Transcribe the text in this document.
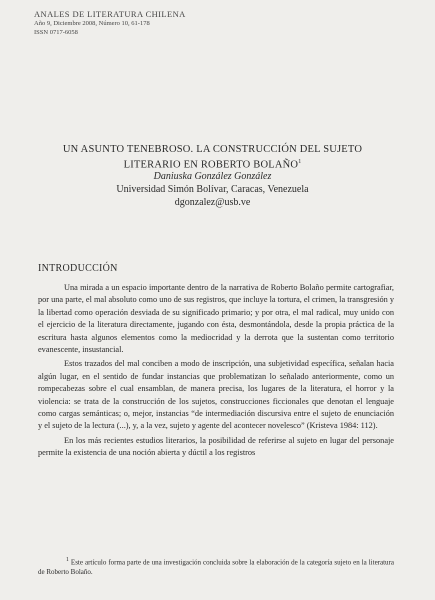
ANALES DE LITERATURA CHILENA
Año 9, Diciembre 2008, Número 10, 61-178
ISSN 0717-6058
UN ASUNTO TENEBROSO. LA CONSTRUCCIÓN DEL SUJETO LITERARIO EN ROBERTO BOLAÑO$^1$
Daniuska González González
Universidad Simón Bolívar, Caracas, Venezuela
dgonzalez@usb.ve
INTRODUCCIÓN

Una mirada a un espacio importante dentro de la narrativa de Roberto Bolaño permite cartografiar, por una parte, el mal absoluto como uno de sus registros, que incluye la tortura, el crimen, la transgresión y la libertad como operación desviada de su significado primario; y por otra, el mal radical, muy unido con el ejercicio de la literatura directamente, jugando con ésta, desmontándola, desde la propia práctica de la escritura hasta algunos elementos como la mediocridad y la derrota que la sustentan como territorio evanescente, insustancial.

Estos trazados del mal conciben a modo de inscripción, una subjetividad específica, señalan hacia algún lugar, en el sentido de fundar instancias que problematizan lo señalado anteriormente, como un rompecabezas sobre el cual ensamblan, de manera precisa, los lugares de la literatura, el horror y la violencia: se trata de la construcción de los sujetos, construcciones ficcionales que denotan el lenguaje como cargas semánticas; o, mejor, instancias “de intermediación discursiva entre el sujeto de enunciación y el sujeto de la lectura (...), y, a la vez, sujeto y agente del acontecer novelesco” (Kristeva 1984: 112).

En los más recientes estudios literarios, la posibilidad de referirse al sujeto en lugar del personaje permite la existencia de una noción abierta y dúctil a los registros

$^1$ Este artículo forma parte de una investigación concluida sobre la elaboración de la categoría sujeto en la literatura de Roberto Bolaño.
